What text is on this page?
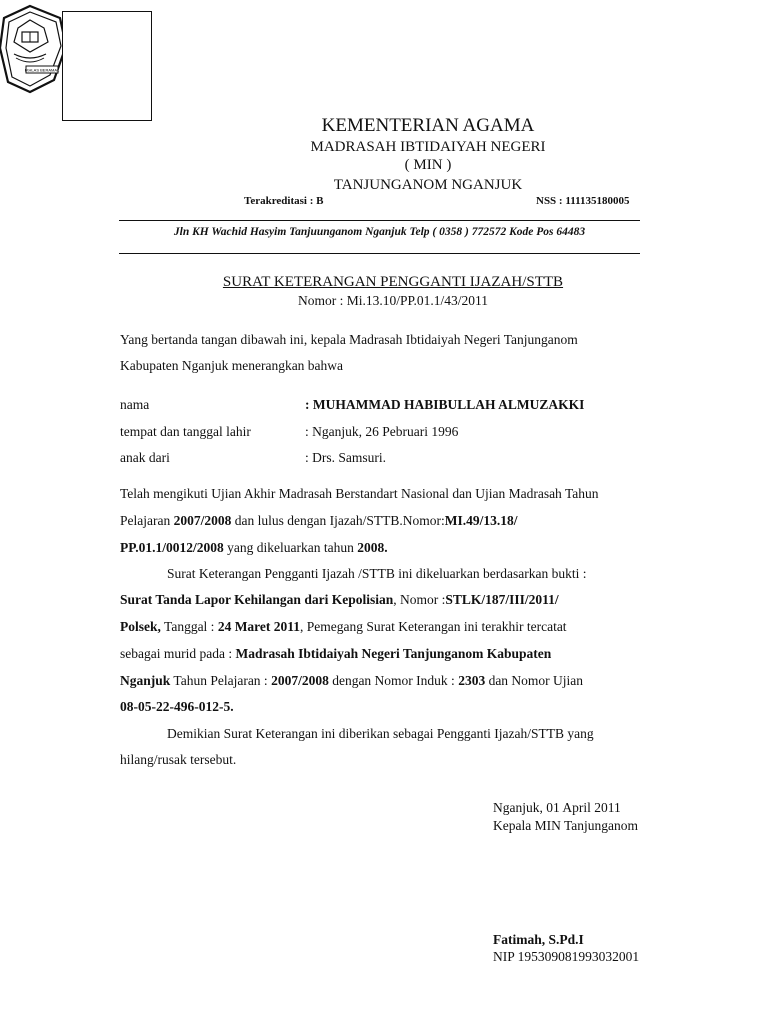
IKHLAS BERAMAL
KEMENTERIAN AGAMA
MADRASAH IBTIDAIYAH NEGERI
( MIN )
TANJUNGANOM NGANJUK
Terakreditasi : B	NSS : 111135180005
Jln KH Wachid Hasyim Tanjuunganom Nganjuk Telp ( 0358 ) 772572 Kode Pos 64483
SURAT KETERANGAN PENGGANTI IJAZAH/STTB
Nomor : Mi.13.10/PP.01.1/43/2011
Yang bertanda tangan dibawah ini, kepala Madrasah Ibtidaiyah Negeri Tanjunganom
Kabupaten Nganjuk menerangkan bahwa
nama	: MUHAMMAD HABIBULLAH ALMUZAKKI
tempat dan tanggal lahir	: Nganjuk, 26 Pebruari 1996
anak dari	: Drs. Samsuri.
Telah mengikuti Ujian Akhir Madrasah Berstandart Nasional dan Ujian Madrasah Tahun
Pelajaran 2007/2008 dan lulus dengan Ijazah/STTB.Nomor:MI.49/13.18/
PP.01.1/0012/2008 yang dikeluarkan tahun 2008.
Surat Keterangan Pengganti Ijazah /STTB ini dikeluarkan berdasarkan bukti :
Surat Tanda Lapor Kehilangan dari Kepolisian, Nomor :STLK/187/III/2011/
Polsek, Tanggal : 24 Maret 2011, Pemegang Surat Keterangan ini terakhir tercatat
sebagai murid pada : Madrasah Ibtidaiyah Negeri Tanjunganom Kabupaten
Nganjuk Tahun Pelajaran : 2007/2008 dengan Nomor Induk : 2303 dan Nomor Ujian
08-05-22-496-012-5.
Demikian Surat Keterangan ini diberikan sebagai Pengganti Ijazah/STTB yang
hilang/rusak tersebut.
Nganjuk, 01 April 2011
Kepala MIN Tanjunganom
Fatimah, S.Pd.I
NIP 195309081993032001
